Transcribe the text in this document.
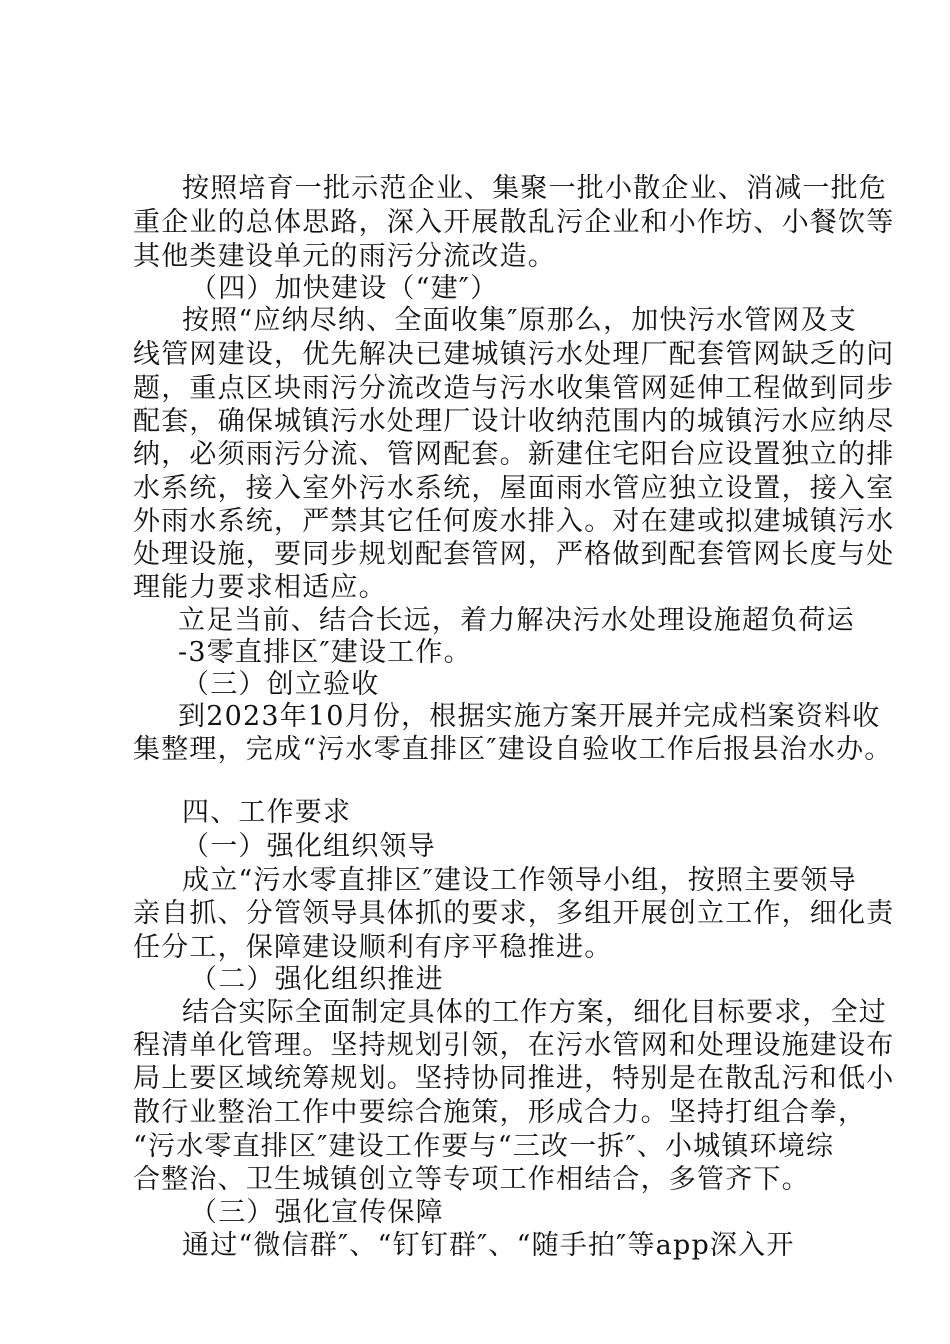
按照培育一批示范企业、集聚一批小散企业、消减一批危
重企业的总体思路，深入开展散乱污企业和小作坊、小餐饮等
其他类建设单元的雨污分流改造。
（四）加快建设（“建″）
按照“应纳尽纳、全面收集″原那么，加快污水管网及支
线管网建设，优先解决已建城镇污水处理厂配套管网缺乏的问
题，重点区块雨污分流改造与污水收集管网延伸工程做到同步
配套，确保城镇污水处理厂设计收纳范围内的城镇污水应纳尽
纳，必须雨污分流、管网配套。新建住宅阳台应设置独立的排
水系统，接入室外污水系统，屋面雨水管应独立设置，接入室
外雨水系统，严禁其它任何废水排入。对在建或拟建城镇污水
处理设施，要同步规划配套管网，严格做到配套管网长度与处
理能力要求相适应。
立足当前、结合长远，着力解决污水处理设施超负荷运
-3零直排区″建设工作。
（三）创立验收
到2023年10月份，根据实施方案开展并完成档案资料收
集整理，完成“污水零直排区″建设自验收工作后报县治水办。
四、工作要求
（一）强化组织领导
成立“污水零直排区″建设工作领导小组，按照主要领导
亲自抓、分管领导具体抓的要求，多组开展创立工作，细化责
任分工，保障建设顺利有序平稳推进。
（二）强化组织推进
结合实际全面制定具体的工作方案，细化目标要求，全过
程清单化管理。坚持规划引领，在污水管网和处理设施建设布
局上要区域统筹规划。坚持协同推进，特别是在散乱污和低小
散行业整治工作中要综合施策，形成合力。坚持打组合拳，
“污水零直排区″建设工作要与“三改一拆″、小城镇环境综
合整治、卫生城镇创立等专项工作相结合，多管齐下。
（三）强化宣传保障
通过“微信群″、“钉钉群″、“随手拍″等app深入开
